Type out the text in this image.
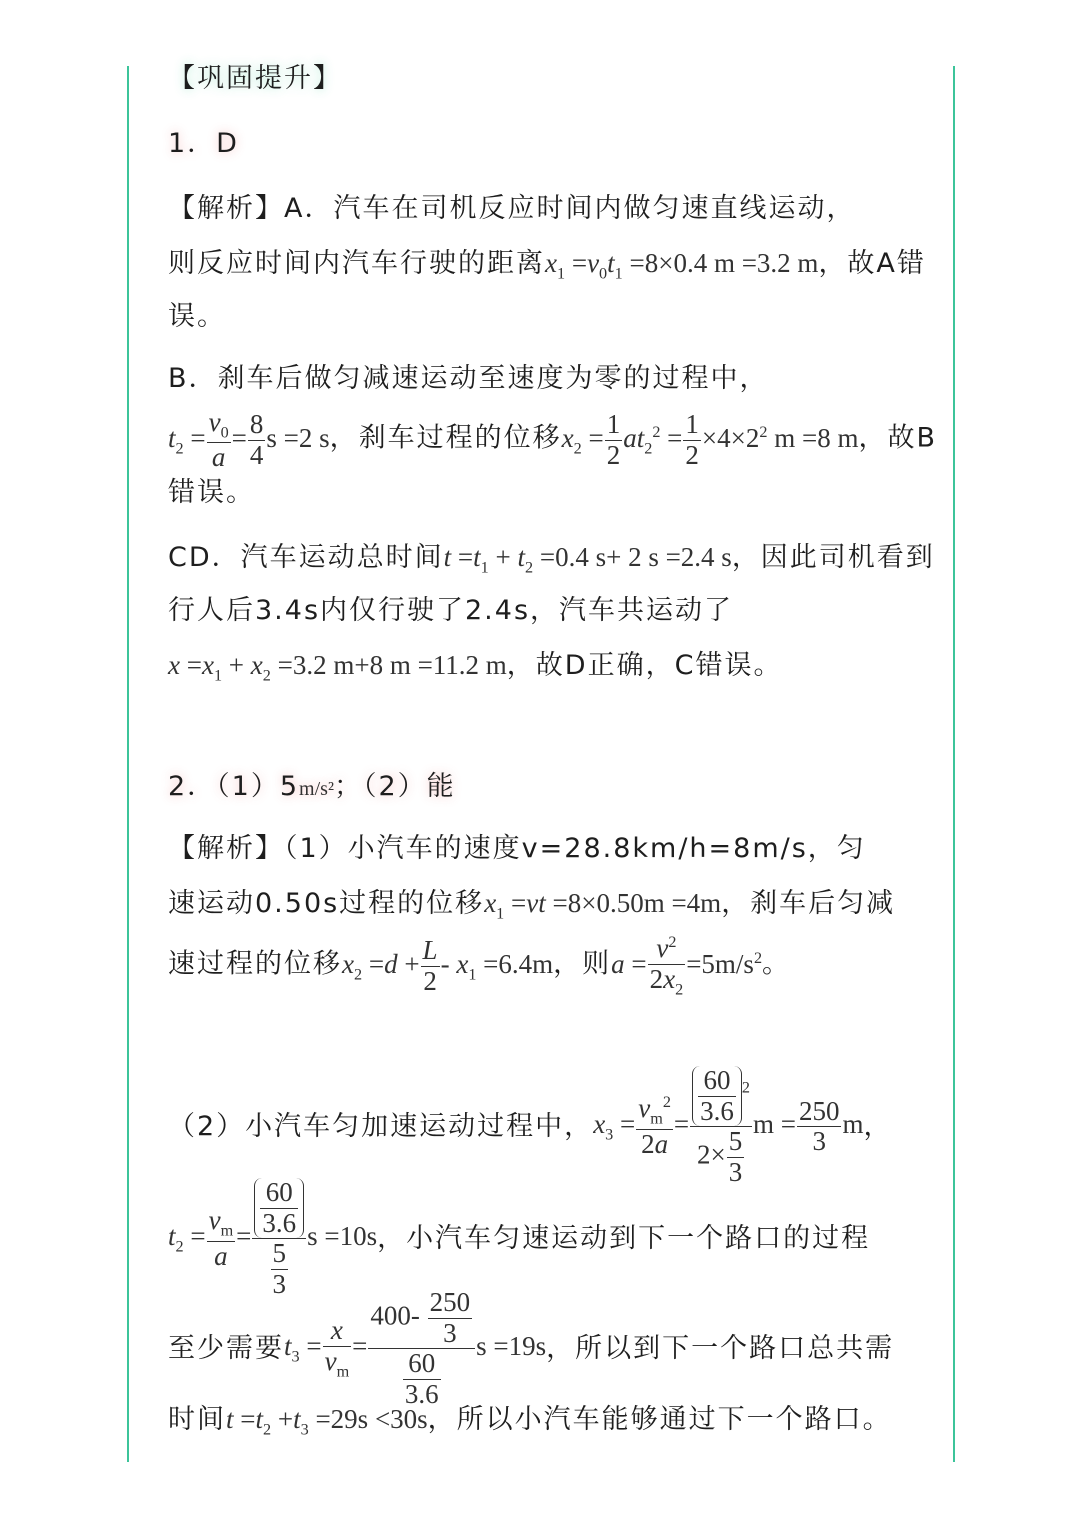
【巩固提升】
1．D
【解析】A．汽车在司机反应时间内做匀速直线运动，
则反应时间内汽车行驶的距离$x_1 =v_0t_1 =8\times 0.4$ m =3.2 m，故A错
误。
B．刹车后做匀减速运动至速度为零的过程中，
$t_2 = \frac{v_0}{a} = \frac{8}{4}$ s =2 s，刹车过程的位移$x_2 = \frac{1}{2} at_2^2 = \frac{1}{2} \times 4\times 2^2$ m =8 m，故B
错误。
CD．汽车运动总时间$t =t_1 + t_2 =0.4$ s+ 2 s =2.4 s，因此司机看到
行人后3.4s内仅行驶了2.4s，汽车共运动了
$x =x_1 + x_2 =3.2$ m+8 m =11.2 m，故D正确，C错误。
2．（1）5m/s²；（2）能
【解析】（1）小汽车的速度v=28.8km/h=8m/s，匀
速运动0.50s过程的位移$x_1 =vt =8\times 0.50m =4m$，刹车后匀减
速过程的位移$x_2 =d + \frac{L}{2} - x_1 =6.4m$，则$a = \frac{v^2}{2x_2} =5m/s^2$。
（2）小汽车匀加速运动过程中，$x_3 = \frac{v_m^2}{2a} = \frac{\frac{60}{3.6} ^2}{2\times \frac{5}{3}}$ $m = \frac{250}{3}$ m，
$t_2 = \frac{v_m}{a} = \frac{\frac{60}{3.6}}{\frac{5}{3}}$ s =10s，小汽车匀速运动到下一个路口的过程
至少需要$t_3 = \frac{x}{v_m} = \frac{400- \frac{250}{3}}{\frac{60}{3.6}}$ s =19s，所以到下一个路口总共需
时间$t =t_2 +t_3 =29s <30s$，所以小汽车能够通过下一个路口。
